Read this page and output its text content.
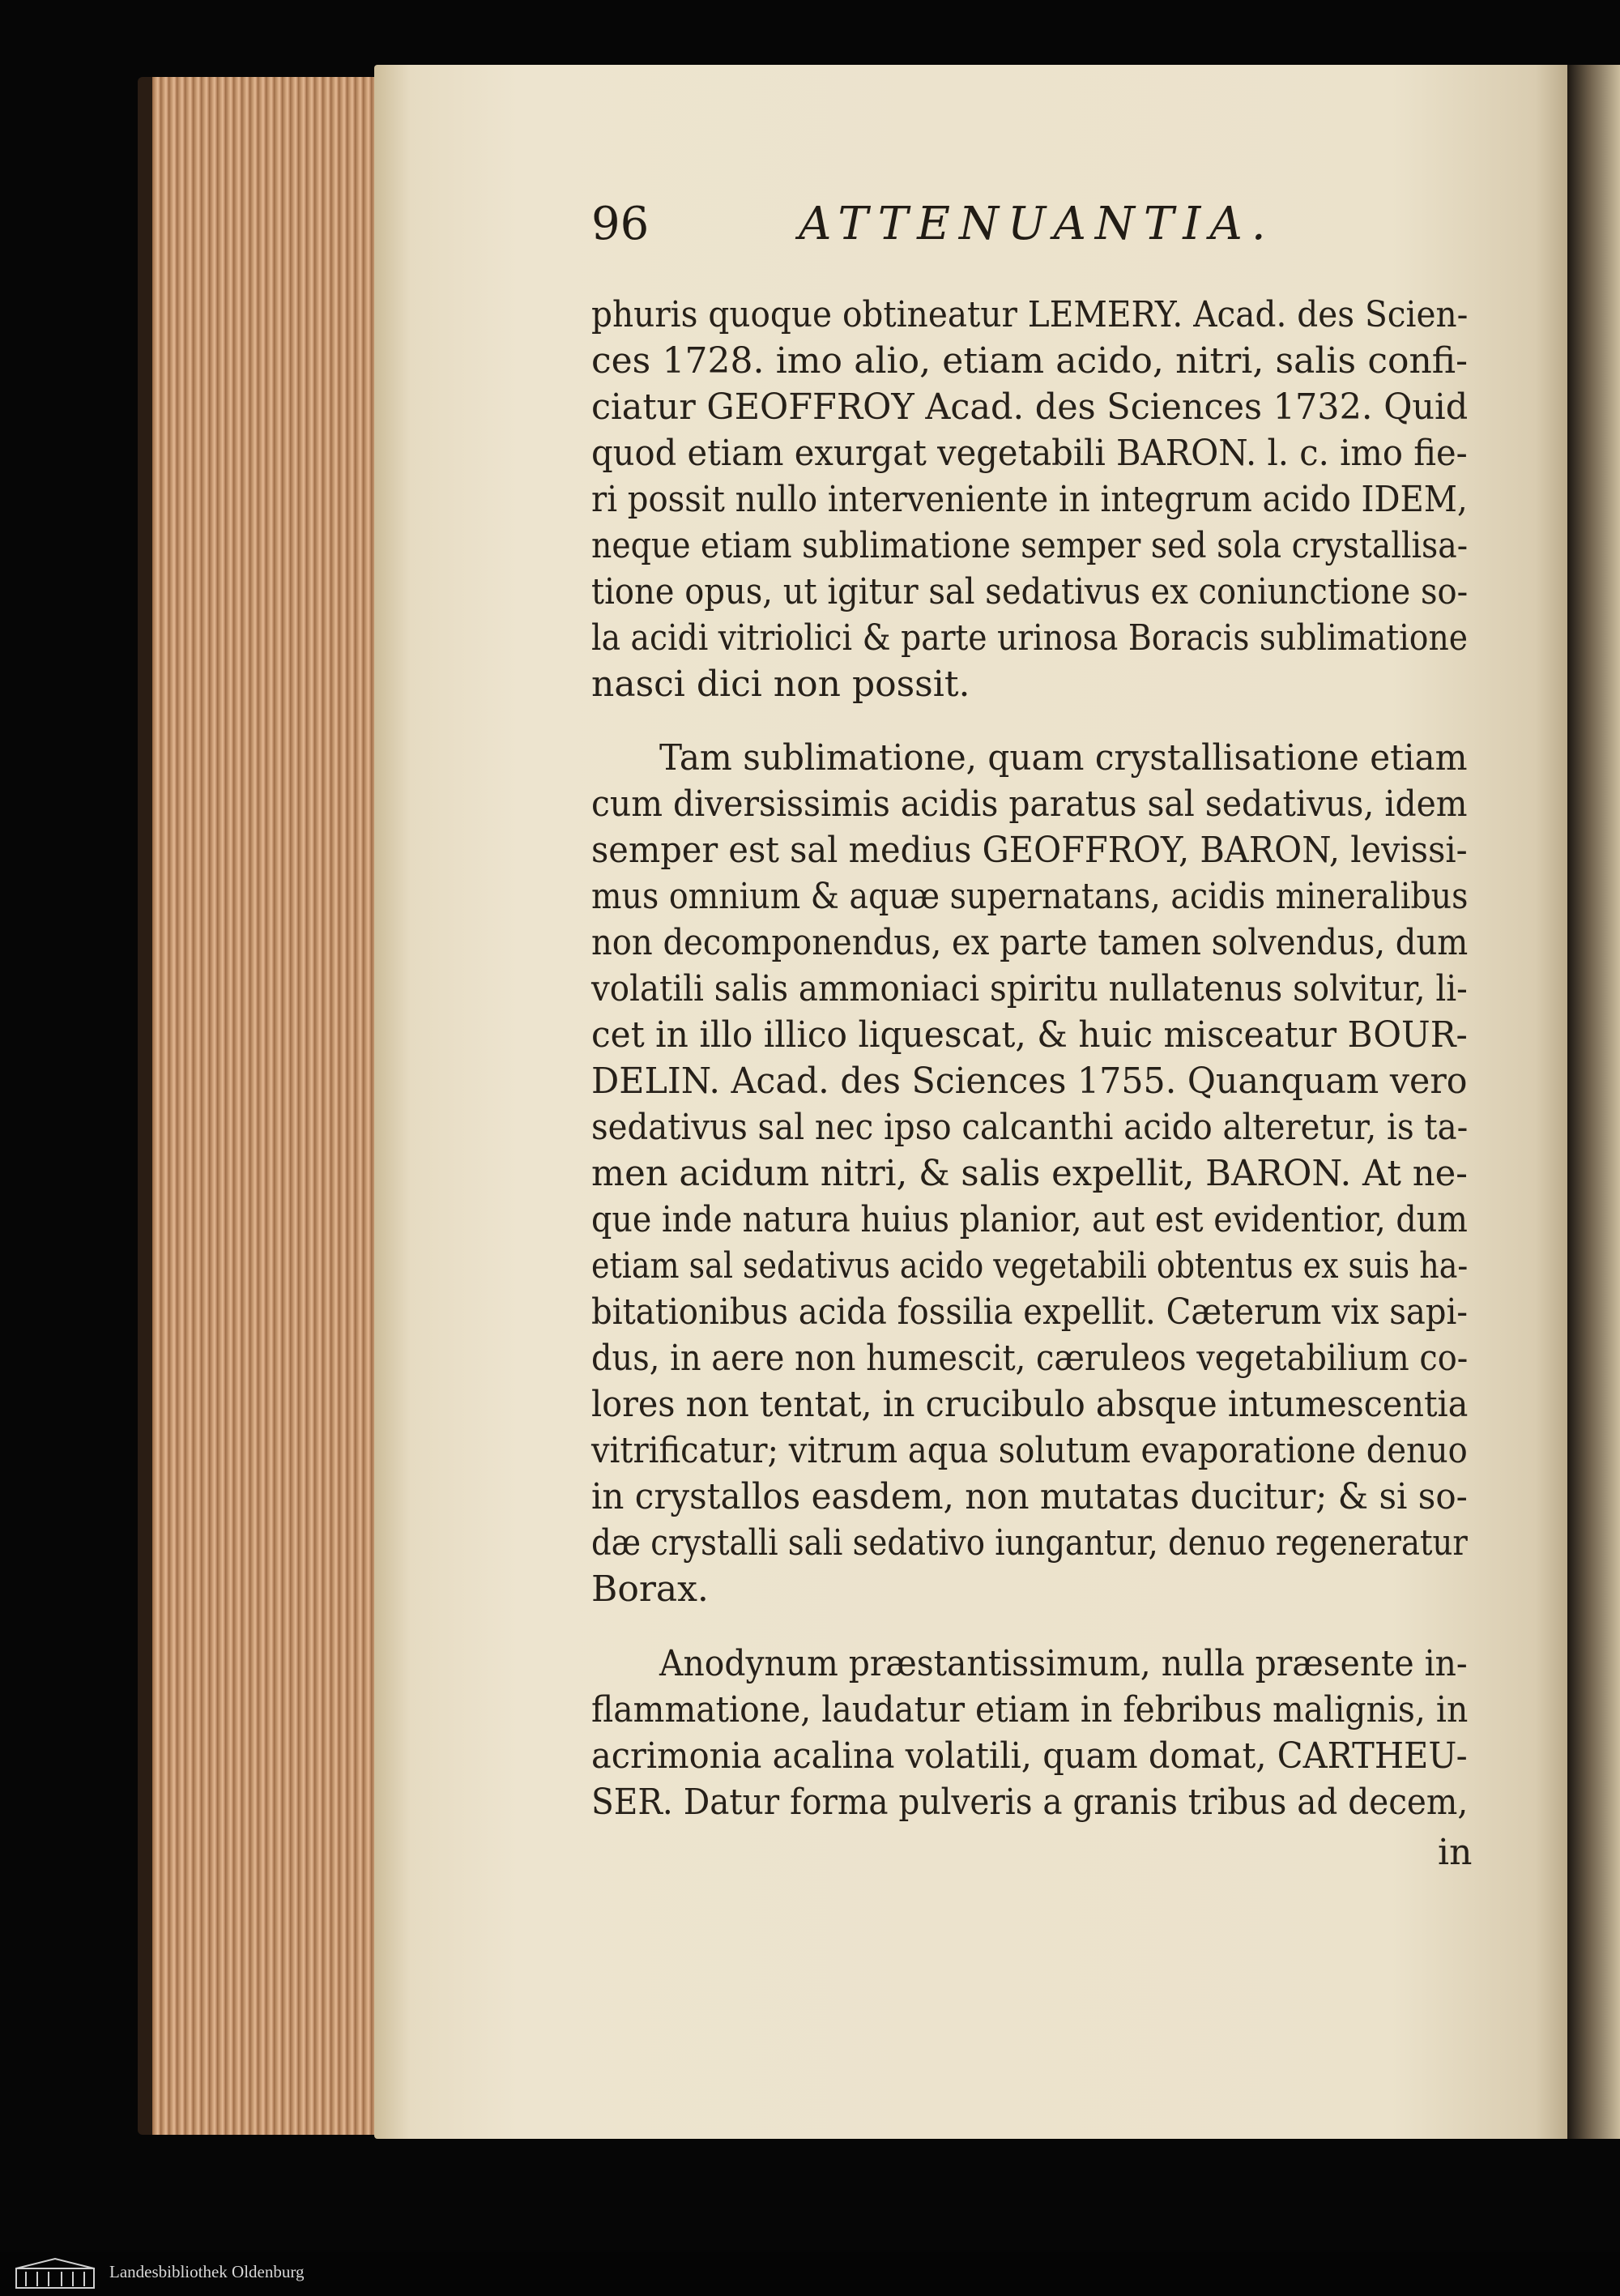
96	ATTENUANTIA.
phuris quoque obtineatur LEMERY. Acad. des Scien-
ces 1728. imo alio, etiam acido, nitri, salis confi-
ciatur GEOFFROY Acad. des Sciences 1732. Quid
quod etiam exurgat vegetabili BARON. l. c. imo fie-
ri possit nullo interveniente in integrum acido IDEM,
neque etiam sublimatione semper sed sola crystallisa-
tione opus, ut igitur sal sedativus ex coniunctione so-
la acidi vitriolici & parte urinosa Boracis sublimatione
nasci dici non possit.
Tam sublimatione, quam crystallisatione etiam
cum diversissimis acidis paratus sal sedativus, idem
semper est sal medius GEOFFROY, BARON, levissi-
mus omnium & aquæ supernatans, acidis mineralibus
non decomponendus, ex parte tamen solvendus, dum
volatili salis ammoniaci spiritu nullatenus solvitur, li-
cet in illo illico liquescat, & huic misceatur BOUR-
DELIN. Acad. des Sciences 1755. Quanquam vero
sedativus sal nec ipso calcanthi acido alteretur, is ta-
men acidum nitri, & salis expellit, BARON. At ne-
que inde natura huius planior, aut est evidentior, dum
etiam sal sedativus acido vegetabili obtentus ex suis ha-
bitationibus acida fossilia expellit. Cæterum vix sapi-
dus, in aere non humescit, cæruleos vegetabilium co-
lores non tentat, in crucibulo absque intumescentia
vitrificatur; vitrum aqua solutum evaporatione denuo
in crystallos easdem, non mutatas ducitur; & si so-
dæ crystalli sali sedativo iungantur, denuo regeneratur
Borax.
Anodynum præstantissimum, nulla præsente in-
flammatione, laudatur etiam in febribus malignis, in
acrimonia acalina volatili, quam domat, CARTHEU-
SER. Datur forma pulveris a granis tribus ad decem,
in
Landesbibliothek Oldenburg
